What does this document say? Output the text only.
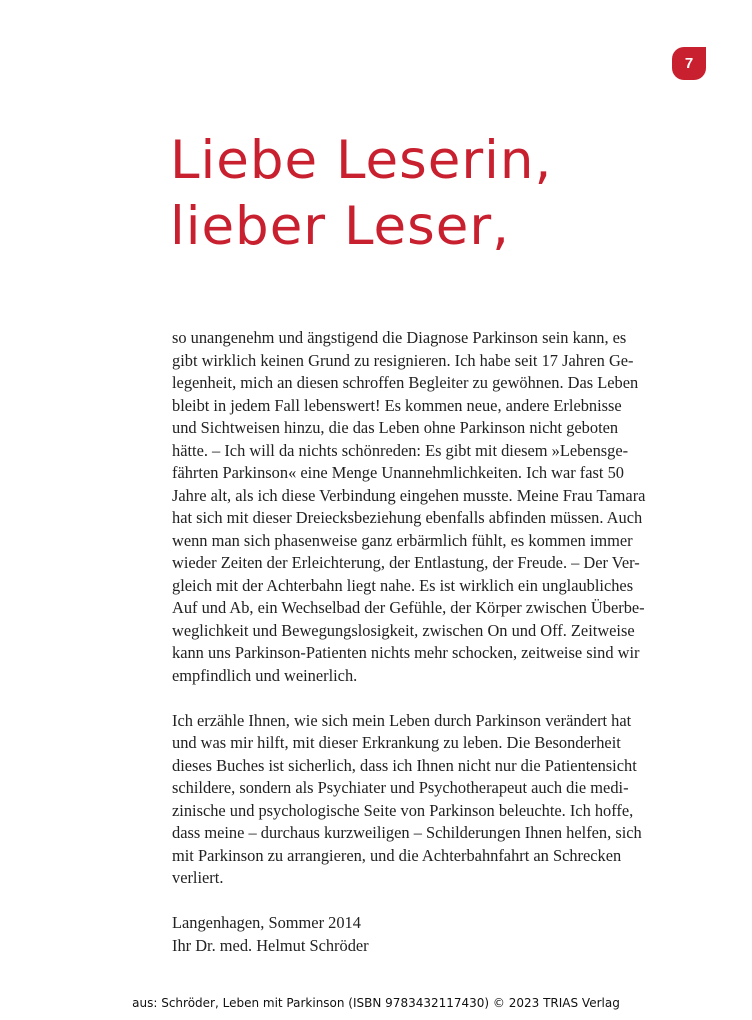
7
Liebe Leserin,
lieber Leser,
so unangenehm und ängstigend die Diagnose Parkinson sein kann, es
gibt wirklich keinen Grund zu resignieren. Ich habe seit 17 Jahren Ge-
legenheit, mich an diesen schroffen Begleiter zu gewöhnen. Das Leben
bleibt in jedem Fall lebenswert! Es kommen neue, andere Erlebnisse
und Sichtweisen hinzu, die das Leben ohne Parkinson nicht geboten
hätte. – Ich will da nichts schönreden: Es gibt mit diesem »Lebensge-
fährten Parkinson« eine Menge Unannehmlichkeiten. Ich war fast 50
Jahre alt, als ich diese Verbindung eingehen musste. Meine Frau Tamara
hat sich mit dieser Dreiecksbeziehung ebenfalls abfinden müssen. Auch
wenn man sich phasenweise ganz erbärmlich fühlt, es kommen immer
wieder Zeiten der Erleichterung, der Entlastung, der Freude. – Der Ver-
gleich mit der Achterbahn liegt nahe. Es ist wirklich ein unglaubliches
Auf und Ab, ein Wechselbad der Gefühle, der Körper zwischen Überbe-
weglichkeit und Bewegungslosigkeit, zwischen On und Off. Zeitweise
kann uns Parkinson-Patienten nichts mehr schocken, zeitweise sind wir
empfindlich und weinerlich.
Ich erzähle Ihnen, wie sich mein Leben durch Parkinson verändert hat
und was mir hilft, mit dieser Erkrankung zu leben. Die Besonderheit
dieses Buches ist sicherlich, dass ich Ihnen nicht nur die Patientensicht
schildere, sondern als Psychiater und Psychotherapeut auch die medi-
zinische und psychologische Seite von Parkinson beleuchte. Ich hoffe,
dass meine – durchaus kurzweiligen – Schilderungen Ihnen helfen, sich
mit Parkinson zu arrangieren, und die Achterbahnfahrt an Schrecken
verliert.
Langenhagen, Sommer 2014
Ihr Dr. med. Helmut Schröder
aus: Schröder, Leben mit Parkinson (ISBN 9783432117430) © 2023 TRIAS Verlag
